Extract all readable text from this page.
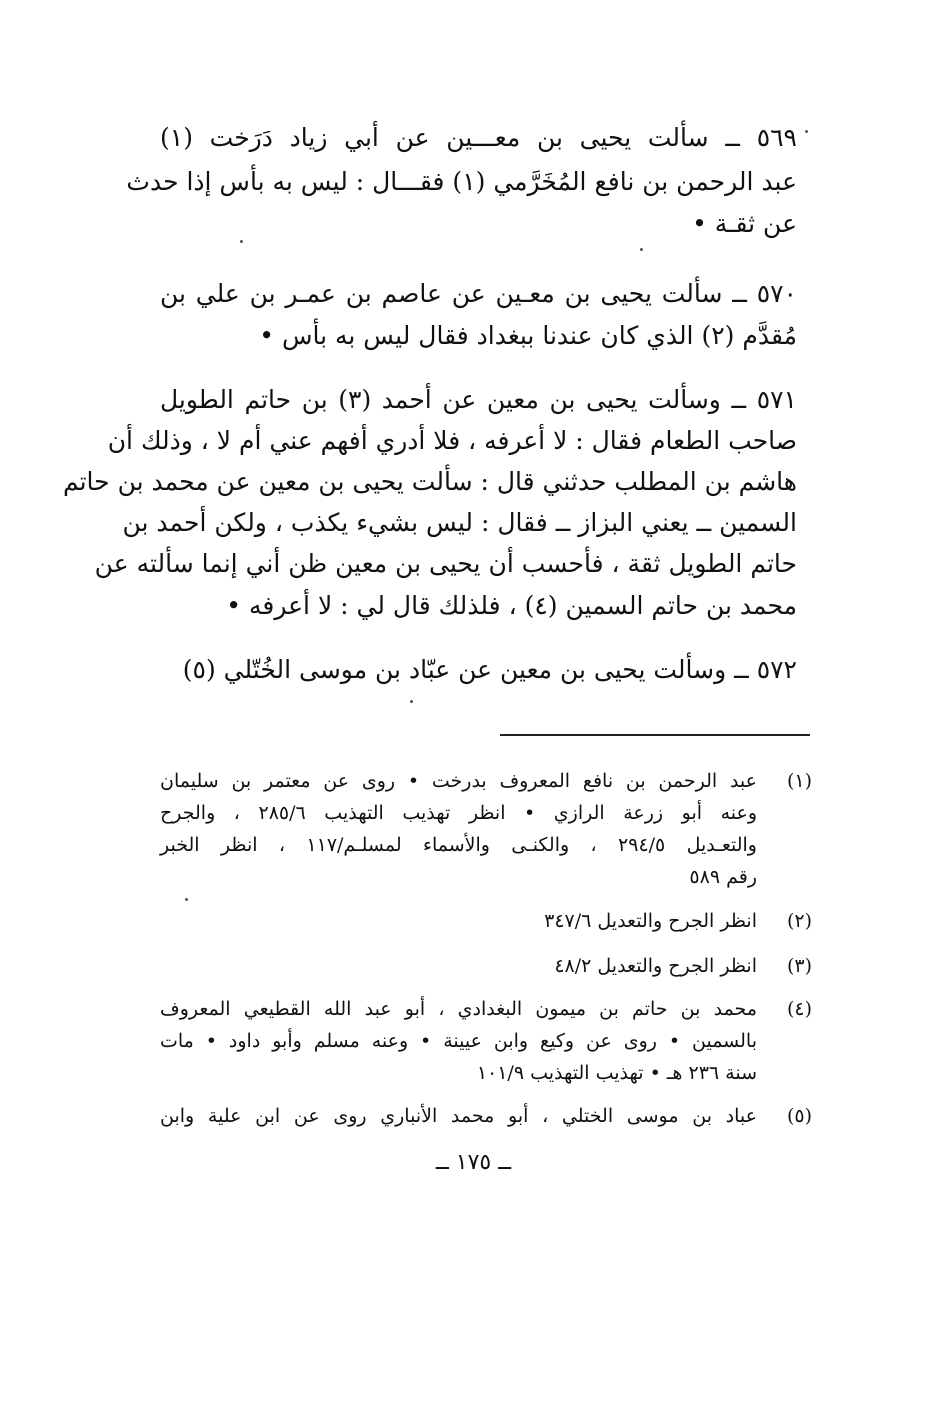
٥٦٩ ــ سألت يحيى بن معـــين عن أبي زياد دَرَخت (١)
عبد الرحمن بن نافع المُخَرَّمي (١) فقـــال : ليس به بأس إذا حدث
عن ثقـة •
٥٧٠ ــ سألت يحيى بن معـين عن عاصم بن عمـر بن علي بن
مُقدَّم (٢) الذي كان عندنا ببغداد فقال ليس به بأس •
٥٧١ ــ وسألت يحيى بن معين عن أحمد (٣) بن حاتم الطويل
صاحب الطعام فقال : لا أعرفه ، فلا أدري أفهم عني أم لا ، وذلك أن
هاشم بن المطلب حدثني قال : سألت يحيى بن معين عن محمد بن حاتم
السمين ــ يعني البزاز ــ فقال : ليس بشيء يكذب ، ولكن أحمد بن
حاتم الطويل ثقة ، فأحسب أن يحيى بن معين ظن أني إنما سألته عن
محمد بن حاتم السمين (٤) ، فلذلك قال لي : لا أعرفه •
٥٧٢ ــ وسألت يحيى بن معين عن عبّاد بن موسى الخُتّلي (٥)
(١)
عبد الرحمن بن نافع المعروف بدرخت • روى عن معتمر بن سليمان
وعنه أبو زرعة الرازي • انظر تهذيب التهذيب ٢٨٥/٦ ، والجرح
والتعـديل ٢٩٤/٥ ، والكنـى والأسماء لمسلـم/١١٧ ، انظر الخبر
رقم ٥٨٩
(٢)
انظر الجرح والتعديل ٣٤٧/٦
(٣)
انظر الجرح والتعديل ٤٨/٢
(٤)
محمد بن حاتم بن ميمون البغدادي ، أبو عبد الله القطيعي المعروف
بالسمين • روى عن وكيع وابن عيينة • وعنه مسلم وأبو داود • مات
سنة ٢٣٦ هـ • تهذيب التهذيب ١٠١/٩
(٥)
عباد بن موسى الختلي ، أبو محمد الأنباري روى عن ابن علية وابن
ــ ١٧٥ ــ
